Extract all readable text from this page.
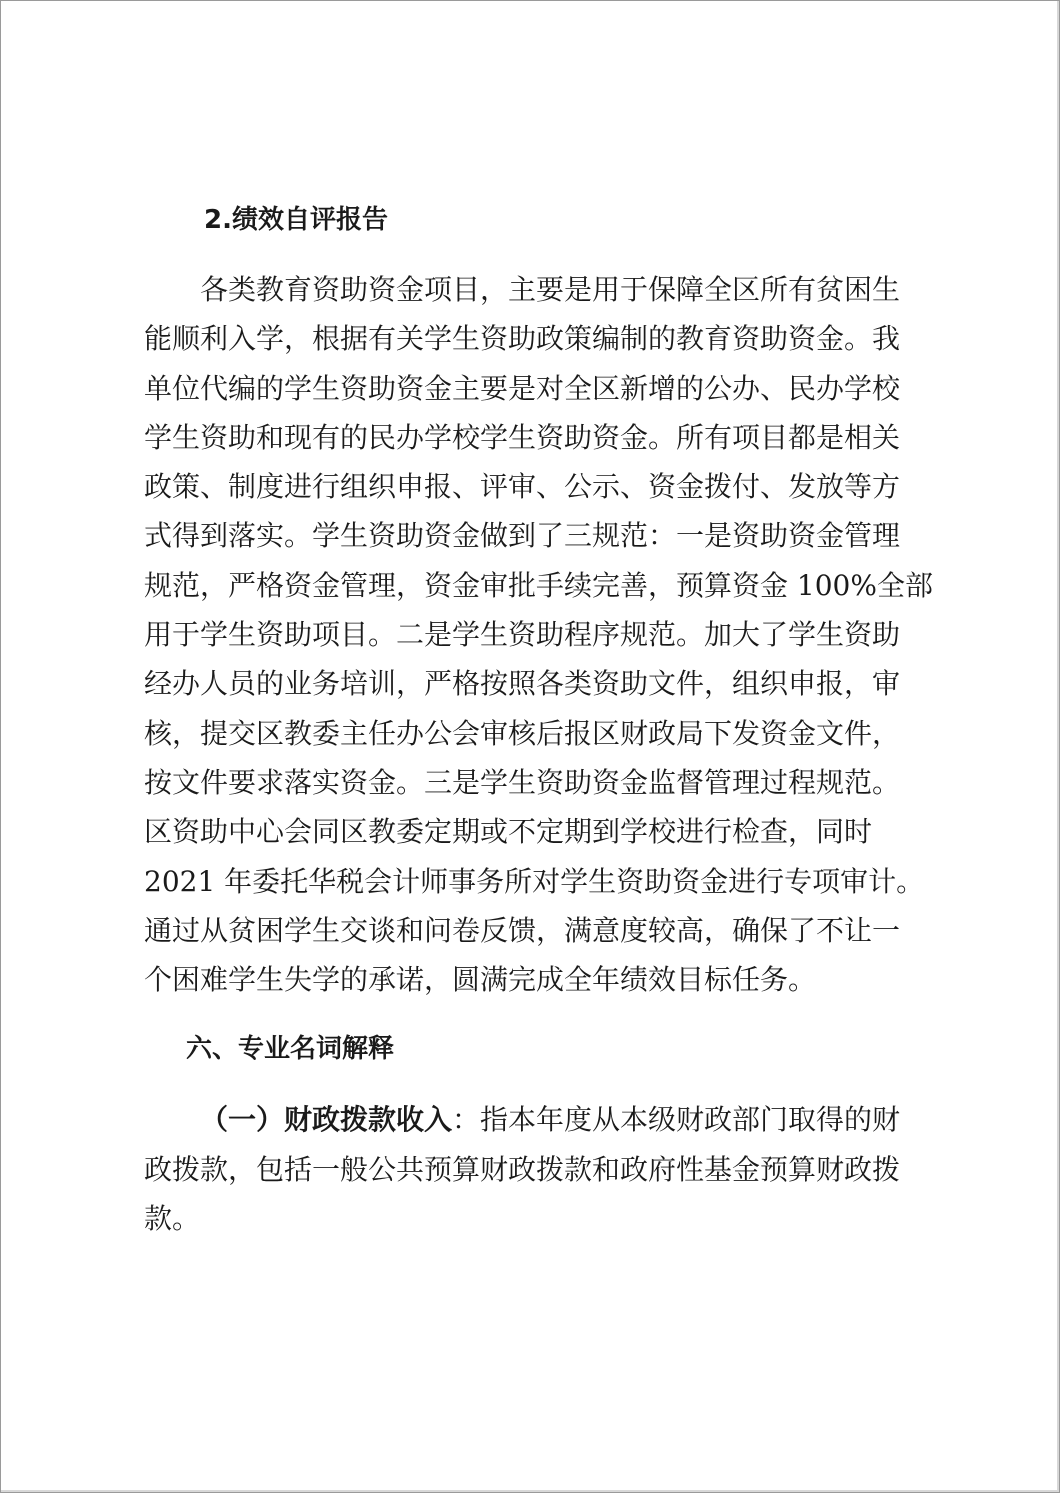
2.绩效自评报告
各类教育资助资金项目，主要是用于保障全区所有贫困生
能顺利入学，根据有关学生资助政策编制的教育资助资金。我
单位代编的学生资助资金主要是对全区新增的公办、民办学校
学生资助和现有的民办学校学生资助资金。所有项目都是相关
政策、制度进行组织申报、评审、公示、资金拨付、发放等方
式得到落实。学生资助资金做到了三规范：一是资助资金管理
规范，严格资金管理，资金审批手续完善，预算资金 100%全部
用于学生资助项目。二是学生资助程序规范。加大了学生资助
经办人员的业务培训，严格按照各类资助文件，组织申报，审
核，提交区教委主任办公会审核后报区财政局下发资金文件，
按文件要求落实资金。三是学生资助资金监督管理过程规范。
区资助中心会同区教委定期或不定期到学校进行检查，同时
2021 年委托华税会计师事务所对学生资助资金进行专项审计。
通过从贫困学生交谈和问卷反馈，满意度较高，确保了不让一
个困难学生失学的承诺，圆满完成全年绩效目标任务。
六、专业名词解释
（一）财政拨款收入：指本年度从本级财政部门取得的财
政拨款，包括一般公共预算财政拨款和政府性基金预算财政拨
款。
